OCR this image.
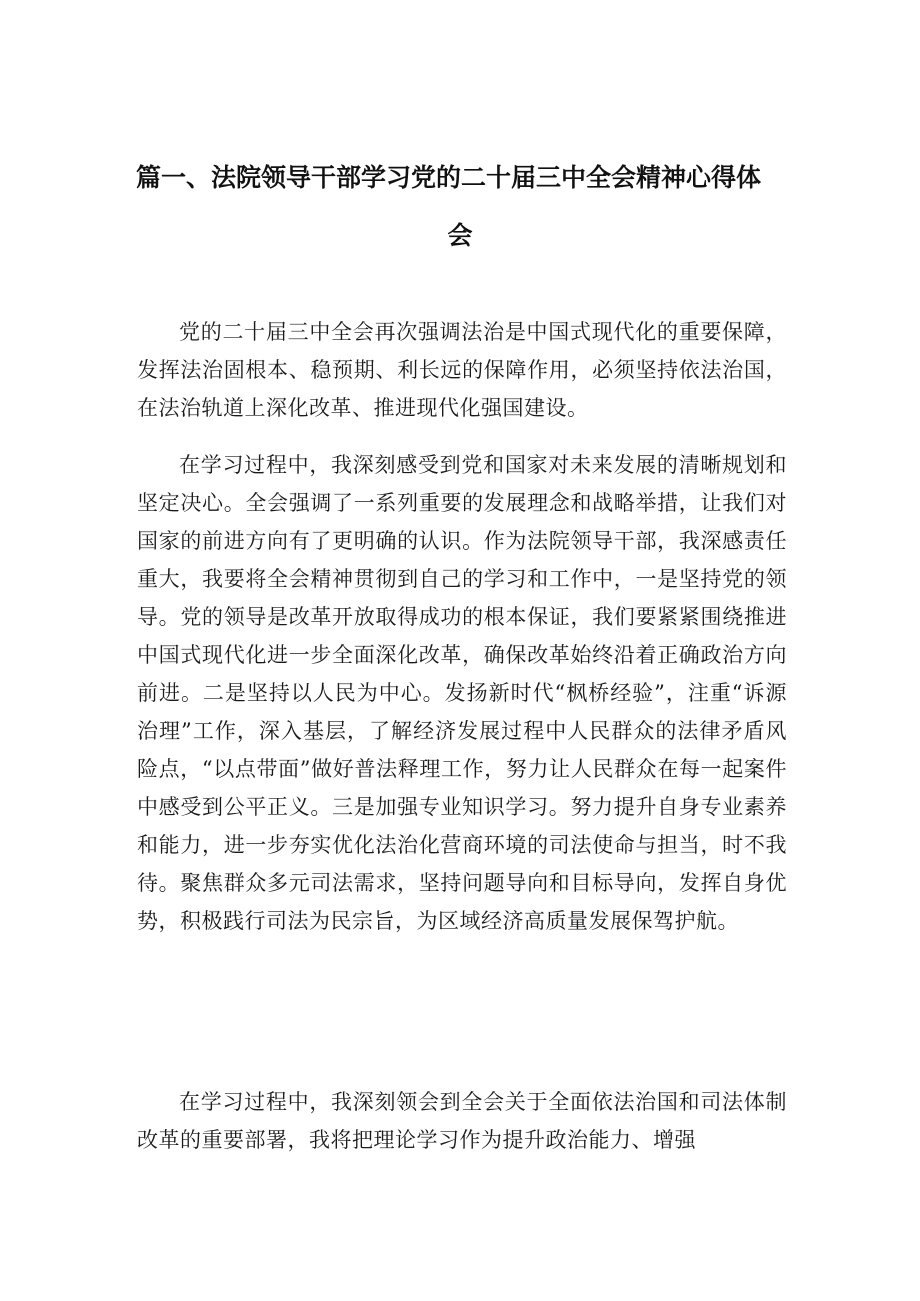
篇一、法院领导干部学习党的二十届三中全会精神心得体
会

党的二十届三中全会再次强调法治是中国式现代化的重要保障，发挥法治固根本、稳预期、利长远的保障作用，必须坚持依法治国，在法治轨道上深化改革、推进现代化强国建设。

在学习过程中，我深刻感受到党和国家对未来发展的清晰规划和坚定决心。全会强调了一系列重要的发展理念和战略举措，让我们对国家的前进方向有了更明确的认识。作为法院领导干部，我深感责任重大，我要将全会精神贯彻到自己的学习和工作中，一是坚持党的领导。党的领导是改革开放取得成功的根本保证，我们要紧紧围绕推进中国式现代化进一步全面深化改革，确保改革始终沿着正确政治方向前进。二是坚持以人民为中心。发扬新时代“枫桥经验”，注重“诉源治理”工作，深入基层，了解经济发展过程中人民群众的法律矛盾风险点，“以点带面”做好普法释理工作，努力让人民群众在每一起案件中感受到公平正义。三是加强专业知识学习。努力提升自身专业素养和能力，进一步夯实优化法治化营商环境的司法使命与担当，时不我待。聚焦群众多元司法需求，坚持问题导向和目标导向，发挥自身优势，积极践行司法为民宗旨，为区域经济高质量发展保驾护航。

在学习过程中，我深刻领会到全会关于全面依法治国和司法体制改革的重要部署，我将把理论学习作为提升政治能力、增强
